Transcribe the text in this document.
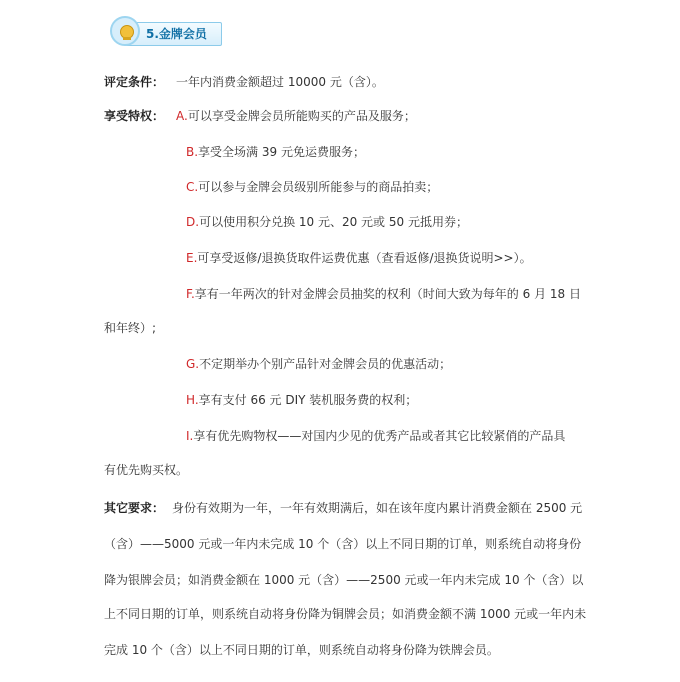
5.金牌会员
评定条件： 一年内消费金额超过 10000 元（含）。
享受特权： A.可以享受金牌会员所能购买的产品及服务；
B.享受全场满 39 元免运费服务；
C.可以参与金牌会员级别所能参与的商品拍卖；
D.可以使用积分兑换 10 元、20 元或 50 元抵用券；
E.可享受返修/退换货取件运费优惠（查看返修/退换货说明>>）。
F.享有一年两次的针对金牌会员抽奖的权利（时间大致为每年的 6 月 18 日
和年终）;
G.不定期举办个别产品针对金牌会员的优惠活动；
H.享有支付 66 元 DIY 装机服务费的权利；
I.享有优先购物权——对国内少见的优秀产品或者其它比较紧俏的产品具
有优先购买权。
其它要求： 身份有效期为一年，一年有效期满后，如在该年度内累计消费金额在 2500 元
（含）——5000 元或一年内未完成 10 个（含）以上不同日期的订单，则系统自动将身份
降为银牌会员；如消费金额在 1000 元（含）——2500 元或一年内未完成 10 个（含）以
上不同日期的订单，则系统自动将身份降为铜牌会员；如消费金额不满 1000 元或一年内未
完成 10 个（含）以上不同日期的订单，则系统自动将身份降为铁牌会员。
